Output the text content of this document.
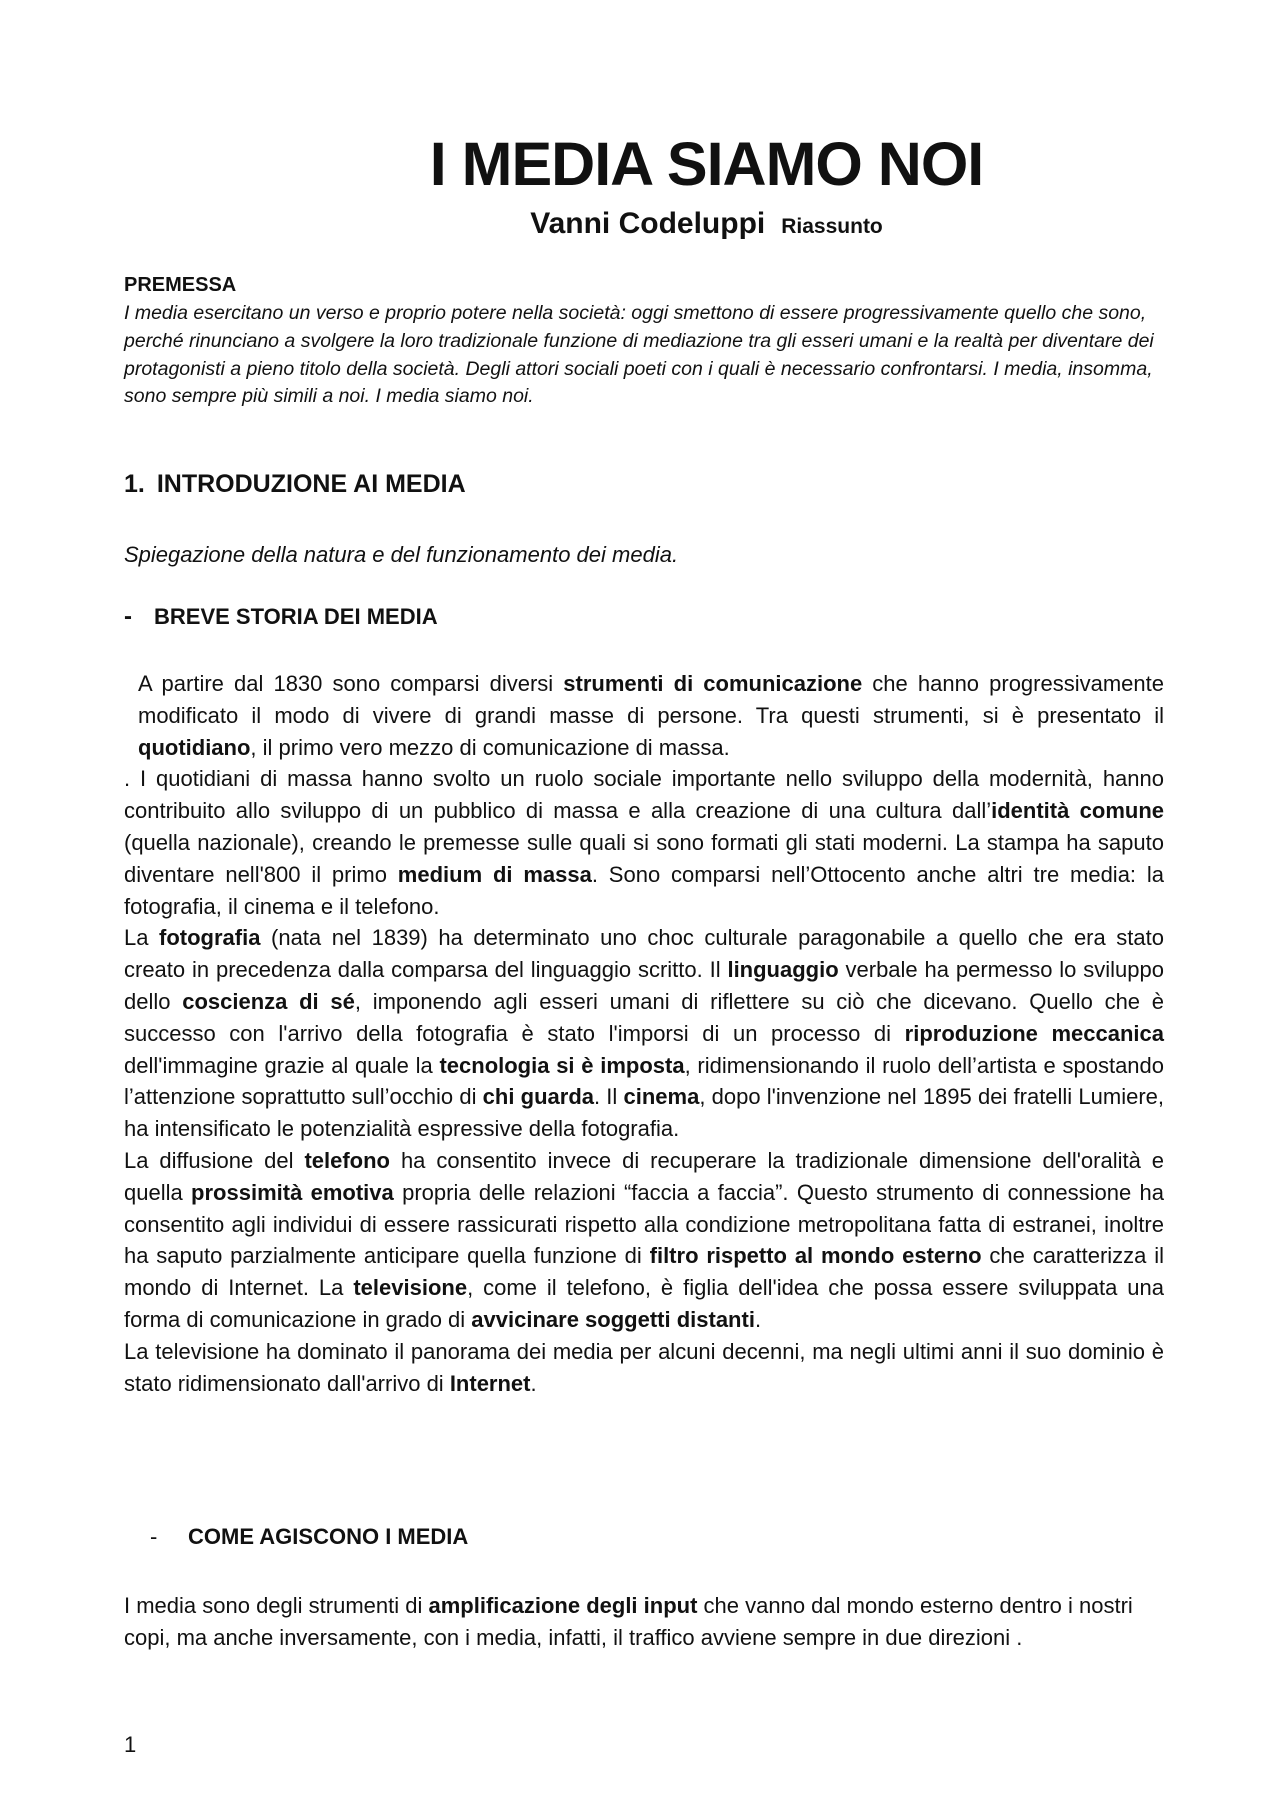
I MEDIA SIAMO NOI
Vanni Codeluppi Riassunto
PREMESSA
I media esercitano un verso e proprio potere nella società: oggi smettono di essere progressivamente quello che sono, perché rinunciano a svolgere la loro tradizionale funzione di mediazione tra gli esseri umani e la realtà per diventare dei protagonisti a pieno titolo della società. Degli attori sociali poeti con i quali è necessario confrontarsi. I media, insomma, sono sempre più simili a noi. I media siamo noi.
1. INTRODUZIONE AI MEDIA
Spiegazione della natura e del funzionamento dei media.
- BREVE STORIA DEI MEDIA

A partire dal 1830 sono comparsi diversi strumenti di comunicazione che hanno progressivamente modificato il modo di vivere di grandi masse di persone. Tra questi strumenti, si è presentato il quotidiano, il primo vero mezzo di comunicazione di massa.

. I quotidiani di massa hanno svolto un ruolo sociale importante nello sviluppo della modernità, hanno contribuito allo sviluppo di un pubblico di massa e alla creazione di una cultura dall’identità comune (quella nazionale), creando le premesse sulle quali si sono formati gli stati moderni. La stampa ha saputo diventare nell'800 il primo medium di massa. Sono comparsi nell’Ottocento anche altri tre media: la fotografia, il cinema e il telefono.

La fotografia (nata nel 1839) ha determinato uno choc culturale paragonabile a quello che era stato creato in precedenza dalla comparsa del linguaggio scritto. Il linguaggio verbale ha permesso lo sviluppo dello coscienza di sé, imponendo agli esseri umani di riflettere su ciò che dicevano. Quello che è successo con l'arrivo della fotografia è stato l'imporsi di un processo di riproduzione meccanica dell'immagine grazie al quale la tecnologia si è imposta, ridimensionando il ruolo dell’artista e spostando l’attenzione soprattutto sull’occhio di chi guarda. Il cinema, dopo l'invenzione nel 1895 dei fratelli Lumiere, ha intensificato le potenzialità espressive della fotografia.

La diffusione del telefono ha consentito invece di recuperare la tradizionale dimensione dell'oralità e quella prossimità emotiva propria delle relazioni “faccia a faccia”. Questo strumento di connessione ha consentito agli individui di essere rassicurati rispetto alla condizione metropolitana fatta di estranei, inoltre ha saputo parzialmente anticipare quella funzione di filtro rispetto al mondo esterno che caratterizza il mondo di Internet. La televisione, come il telefono, è figlia dell'idea che possa essere sviluppata una forma di comunicazione in grado di avvicinare soggetti distanti.

La televisione ha dominato il panorama dei media per alcuni decenni, ma negli ultimi anni il suo dominio è stato ridimensionato dall'arrivo di Internet.

- COME AGISCONO I MEDIA

I media sono degli strumenti di amplificazione degli input che vanno dal mondo esterno dentro i nostri copi, ma anche inversamente, con i media, infatti, il traffico avviene sempre in due direzioni .

1
